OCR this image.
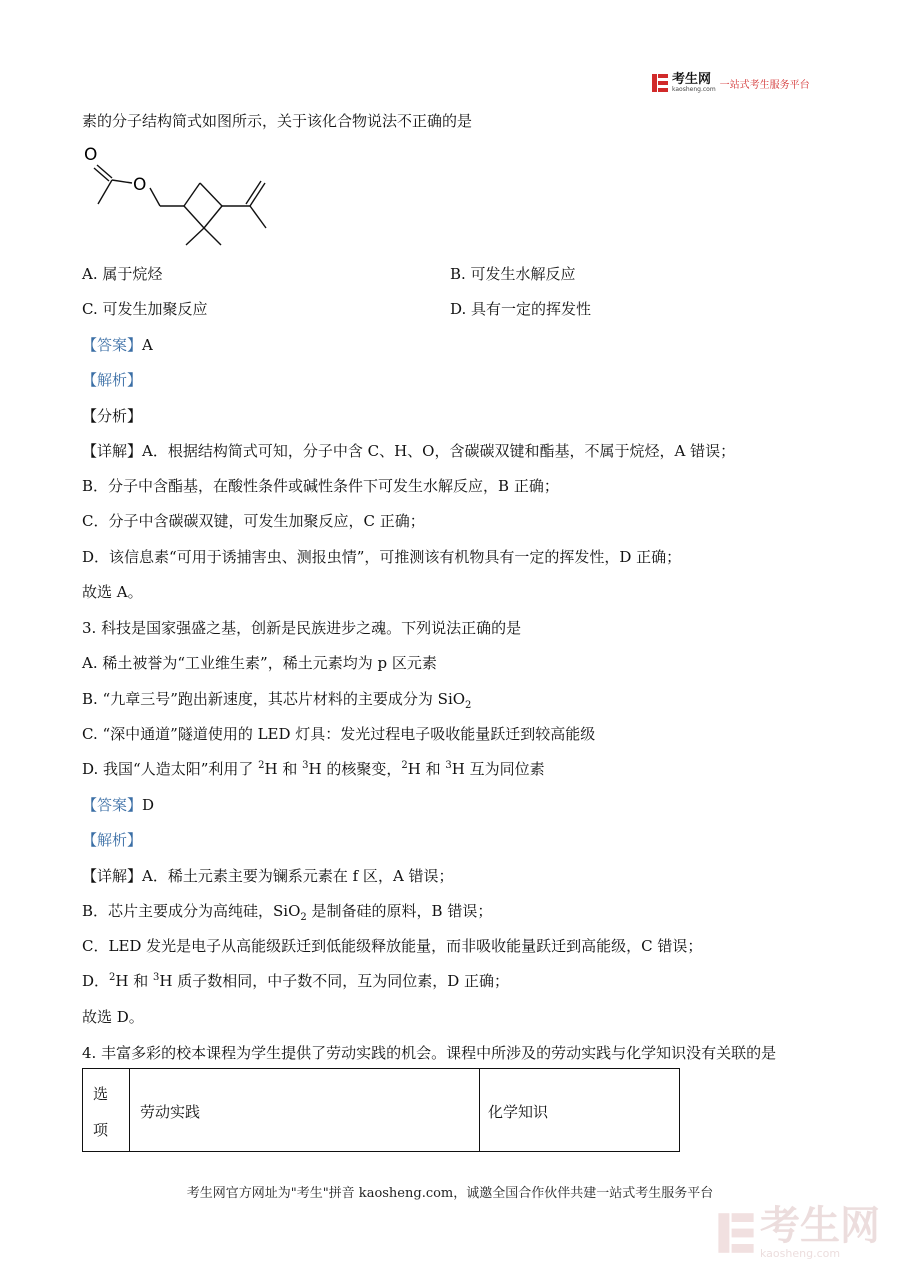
考生网
kaosheng.com 一站式考生服务平台
素的分子结构简式如图所示，关于该化合物说法不正确的是
O
O
A. 属于烷烃	B. 可发生水解反应
C. 可发生加聚反应	D. 具有一定的挥发性
【答案】A
【解析】
【分析】
【详解】A．根据结构简式可知，分子中含 C、H、O，含碳碳双键和酯基，不属于烷烃，A 错误；
B．分子中含酯基，在酸性条件或碱性条件下可发生水解反应，B 正确；
C．分子中含碳碳双键，可发生加聚反应，C 正确；
D．该信息素“可用于诱捕害虫、测报虫情”，可推测该有机物具有一定的挥发性，D 正确；
故选 A。
3. 科技是国家强盛之基，创新是民族进步之魂。下列说法正确的是
A. 稀土被誉为“工业维生素”，稀土元素均为 p 区元素
B. “九章三号”跑出新速度，其芯片材料的主要成分为 SiO$_2$
C. “深中通道”隧道使用的 LED 灯具：发光过程电子吸收能量跃迁到较高能级
D. 我国“人造太阳”利用了 $^2$H 和 $^3$H 的核聚变，$^2$H 和 $^3$H 互为同位素
【答案】D
【解析】
【详解】A．稀土元素主要为镧系元素在 f 区，A 错误；
B．芯片主要成分为高纯硅，SiO$_2$ 是制备硅的原料，B 错误；
C．LED 发光是电子从高能级跃迁到低能级释放能量，而非吸收能量跃迁到高能级，C 错误；
D．$^2$H 和 $^3$H 质子数相同，中子数不同，互为同位素，D 正确；
故选 D。
4. 丰富多彩的校本课程为学生提供了劳动实践的机会。课程中所涉及的劳动实践与化学知识没有关联的是
选
项
劳动实践	化学知识
考生网官方网址为"考生"拼音 kaosheng.com，诚邀全国合作伙伴共建一站式考生服务平台
考生网
kaosheng.com
